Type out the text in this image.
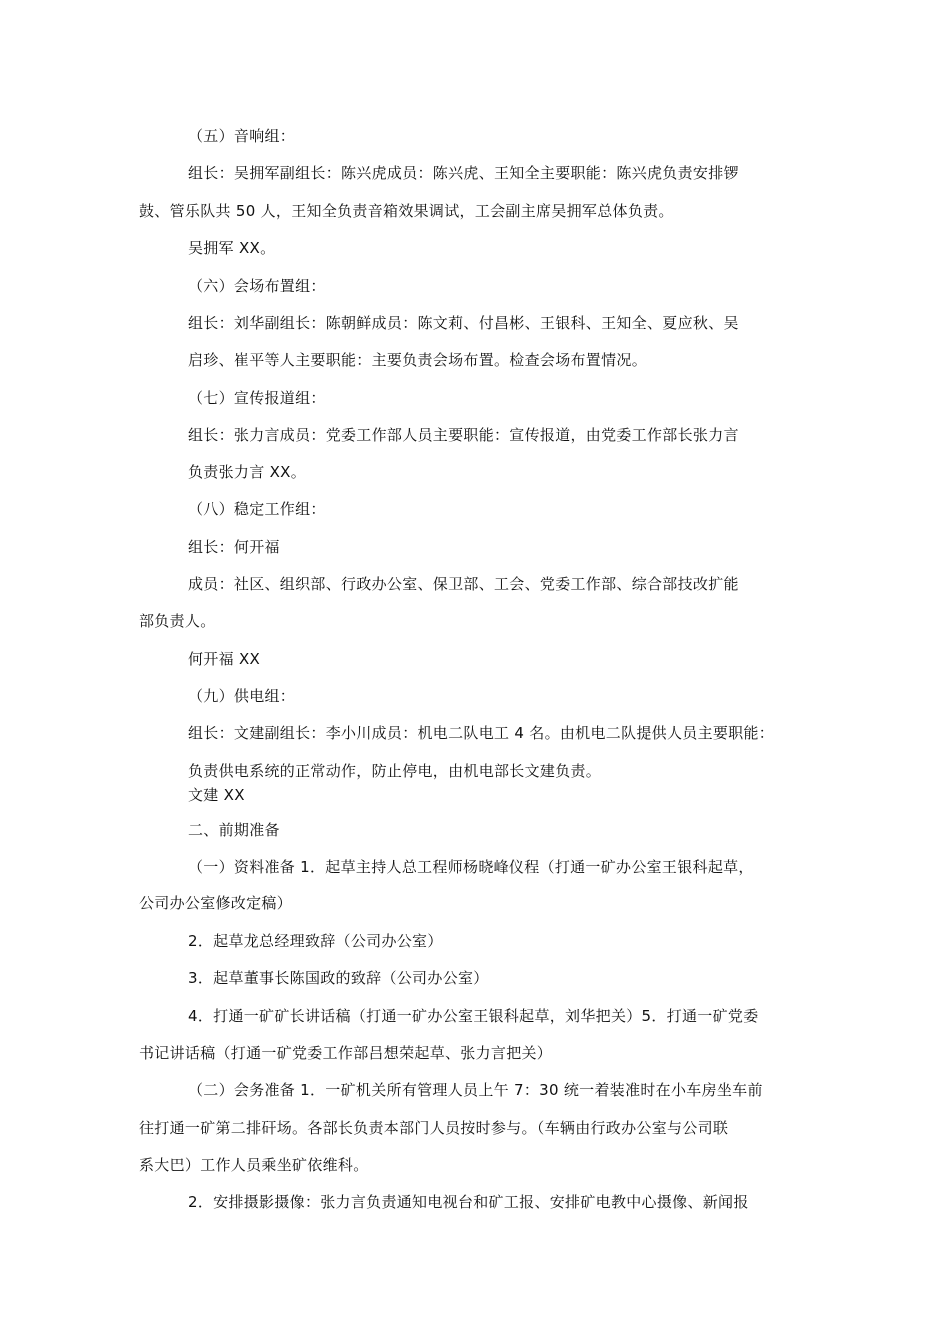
（五）音响组：
组长：吴拥军副组长：陈兴虎成员：陈兴虎、王知全主要职能：陈兴虎负责安排锣
鼓、管乐队共 50 人，王知全负责音箱效果调试，工会副主席吴拥军总体负责。
吴拥军 XX。
（六）会场布置组：
组长：刘华副组长：陈朝鲜成员：陈文莉、付昌彬、王银科、王知全、夏应秋、吴
启珍、崔平等人主要职能：主要负责会场布置。检查会场布置情况。
（七）宣传报道组：
组长：张力言成员：党委工作部人员主要职能：宣传报道，由党委工作部长张力言
负责张力言 XX。
（八）稳定工作组：
组长：何开福
成员：社区、组织部、行政办公室、保卫部、工会、党委工作部、综合部技改扩能
部负责人。
何开福 XX
（九）供电组：
组长：文建副组长：李小川成员：机电二队电工 4 名。由机电二队提供人员主要职能：
负责供电系统的正常动作，防止停电，由机电部长文建负责。
文建 XX
二、前期准备
（一）资料准备 1．起草主持人总工程师杨晓峰仪程（打通一矿办公室王银科起草，
公司办公室修改定稿）
2．起草龙总经理致辞（公司办公室）
3．起草董事长陈国政的致辞（公司办公室）
4．打通一矿矿长讲话稿（打通一矿办公室王银科起草，刘华把关）5．打通一矿党委
书记讲话稿（打通一矿党委工作部吕想荣起草、张力言把关）
（二）会务准备 1．一矿机关所有管理人员上午 7：30 统一着装准时在小车房坐车前
往打通一矿第二排矸场。各部长负责本部门人员按时参与。（车辆由行政办公室与公司联
系大巴）工作人员乘坐矿依维科。
2．安排摄影摄像：张力言负责通知电视台和矿工报、安排矿电教中心摄像、新闻报
